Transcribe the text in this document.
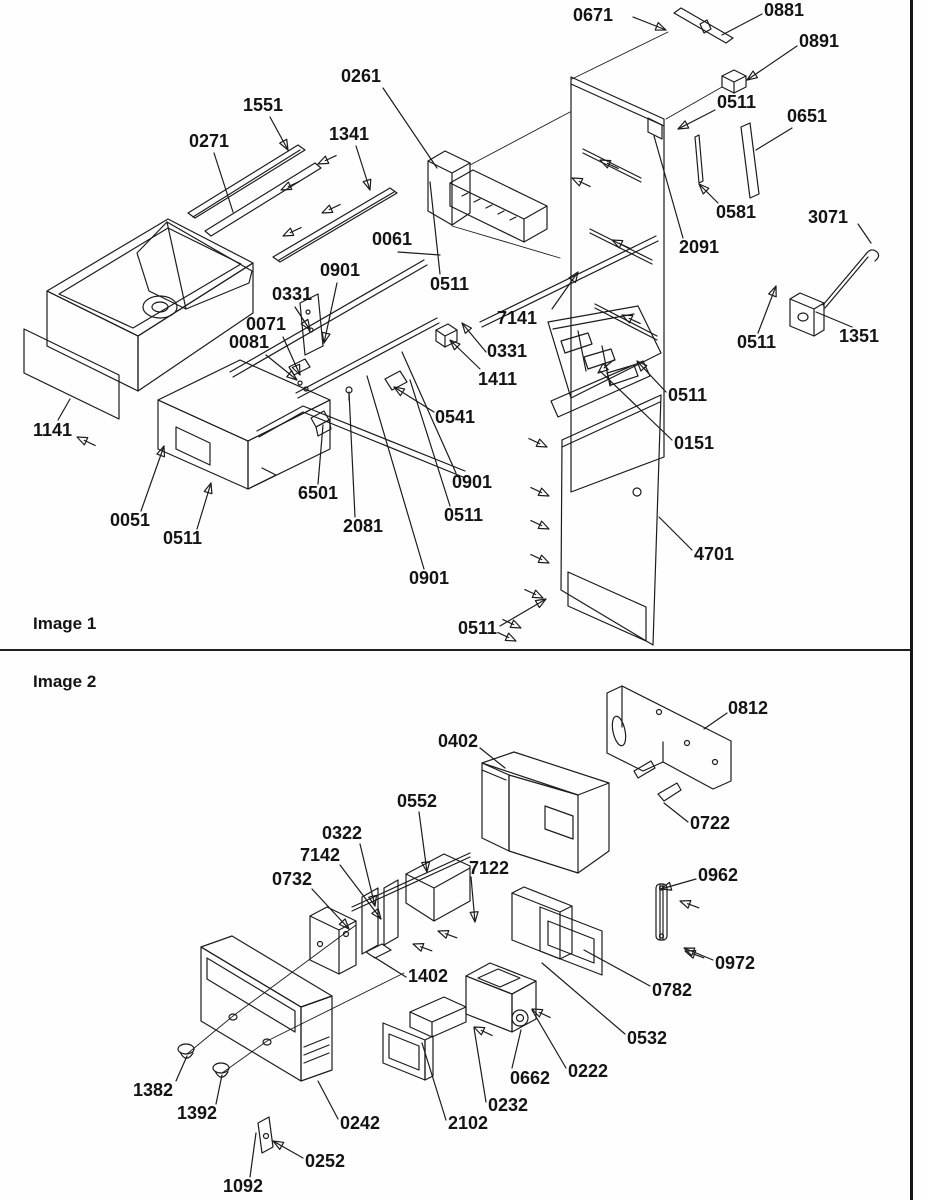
0671	0881
0891
0261
1551
0271	1341
0511
0651
0581
2091
3071
0061
0901
0331	0511
7141
0071
0081	0331
1411
0511	1351
0541
0511
0151
1141
0051
0511
6501
2081
0901
0511
0901
4701
0511
0812
0402
0722
0552
0322
7142
0732
7122	0962
0972
1402
0782
0532
0222
0662
0232
2102
0242
1382
1392
0252
1092
Image 1
Image 2
